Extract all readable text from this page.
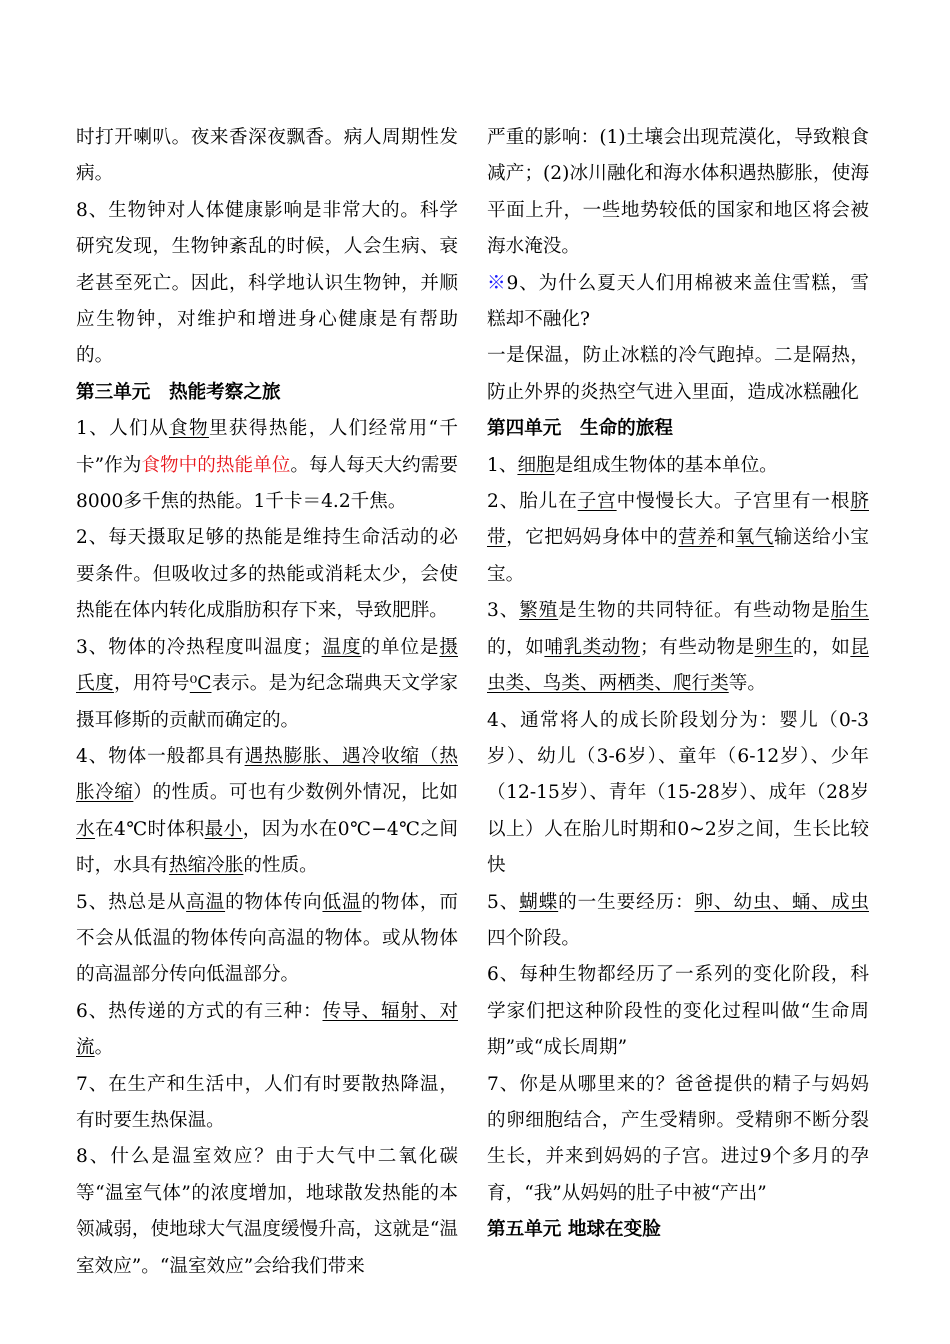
时打开喇叭。夜来香深夜飘香。病人周期性发病。

8、生物钟对人体健康影响是非常大的。科学研究发现，生物钟紊乱的时候，人会生病、衰老甚至死亡。因此，科学地认识生物钟，并顺应生物钟，对维护和增进身心健康是有帮助的。

第三单元　热能考察之旅

1、人们从食物里获得热能，人们经常用“千卡”作为食物中的热能单位。每人每天大约需要8000多千焦的热能。1千卡＝4.2千焦。

2、每天摄取足够的热能是维持生命活动的必要条件。但吸收过多的热能或消耗太少，会使热能在体内转化成脂肪积存下来，导致肥胖。

3、物体的冷热程度叫温度；温度的单位是摄氏度，用符号⁰C表示。是为纪念瑞典天文学家摄耳修斯的贡献而确定的。

4、物体一般都具有遇热膨胀、遇冷收缩（热胀冷缩）的性质。可也有少数例外情况，比如水在4℃时体积最小，因为水在0℃−4℃之间时，水具有热缩冷胀的性质。

5、热总是从高温的物体传向低温的物体，而不会从低温的物体传向高温的物体。或从物体的高温部分传向低温部分。

6、热传递的方式的有三种：传导、辐射、对流。

7、在生产和生活中，人们有时要散热降温，有时要生热保温。

8、什么是温室效应？由于大气中二氧化碳等“温室气体”的浓度增加，地球散发热能的本领减弱，使地球大气温度缓慢升高，这就是“温室效应”。“温室效应”会给我们带来

严重的影响：(1)土壤会出现荒漠化，导致粮食减产；(2)冰川融化和海水体积遇热膨胀，使海平面上升，一些地势较低的国家和地区将会被海水淹没。

※9、为什么夏天人们用棉被来盖住雪糕，雪糕却不融化?

一是保温，防止冰糕的冷气跑掉。二是隔热，防止外界的炎热空气进入里面，造成冰糕融化

第四单元　生命的旅程

1、细胞是组成生物体的基本单位。

2、胎儿在子宫中慢慢长大。子宫里有一根脐带，它把妈妈身体中的营养和氧气输送给小宝宝。

3、繁殖是生物的共同特征。有些动物是胎生的，如哺乳类动物；有些动物是卵生的，如昆虫类、鸟类、两栖类、爬行类等。

4、通常将人的成长阶段划分为：婴儿（0-3岁）、幼儿（3-6岁）、童年（6-12岁）、少年（12-15岁）、青年（15-28岁）、成年（28岁以上）人在胎儿时期和0~2岁之间，生长比较快

5、蝴蝶的一生要经历：卵、幼虫、蛹、成虫四个阶段。

6、每种生物都经历了一系列的变化阶段，科学家们把这种阶段性的变化过程叫做“生命周期”或“成长周期”

7、你是从哪里来的？爸爸提供的精子与妈妈的卵细胞结合，产生受精卵。受精卵不断分裂生长，并来到妈妈的子宫。进过9个多月的孕育，“我”从妈妈的肚子中被“产出”

第五单元 地球在变脸
